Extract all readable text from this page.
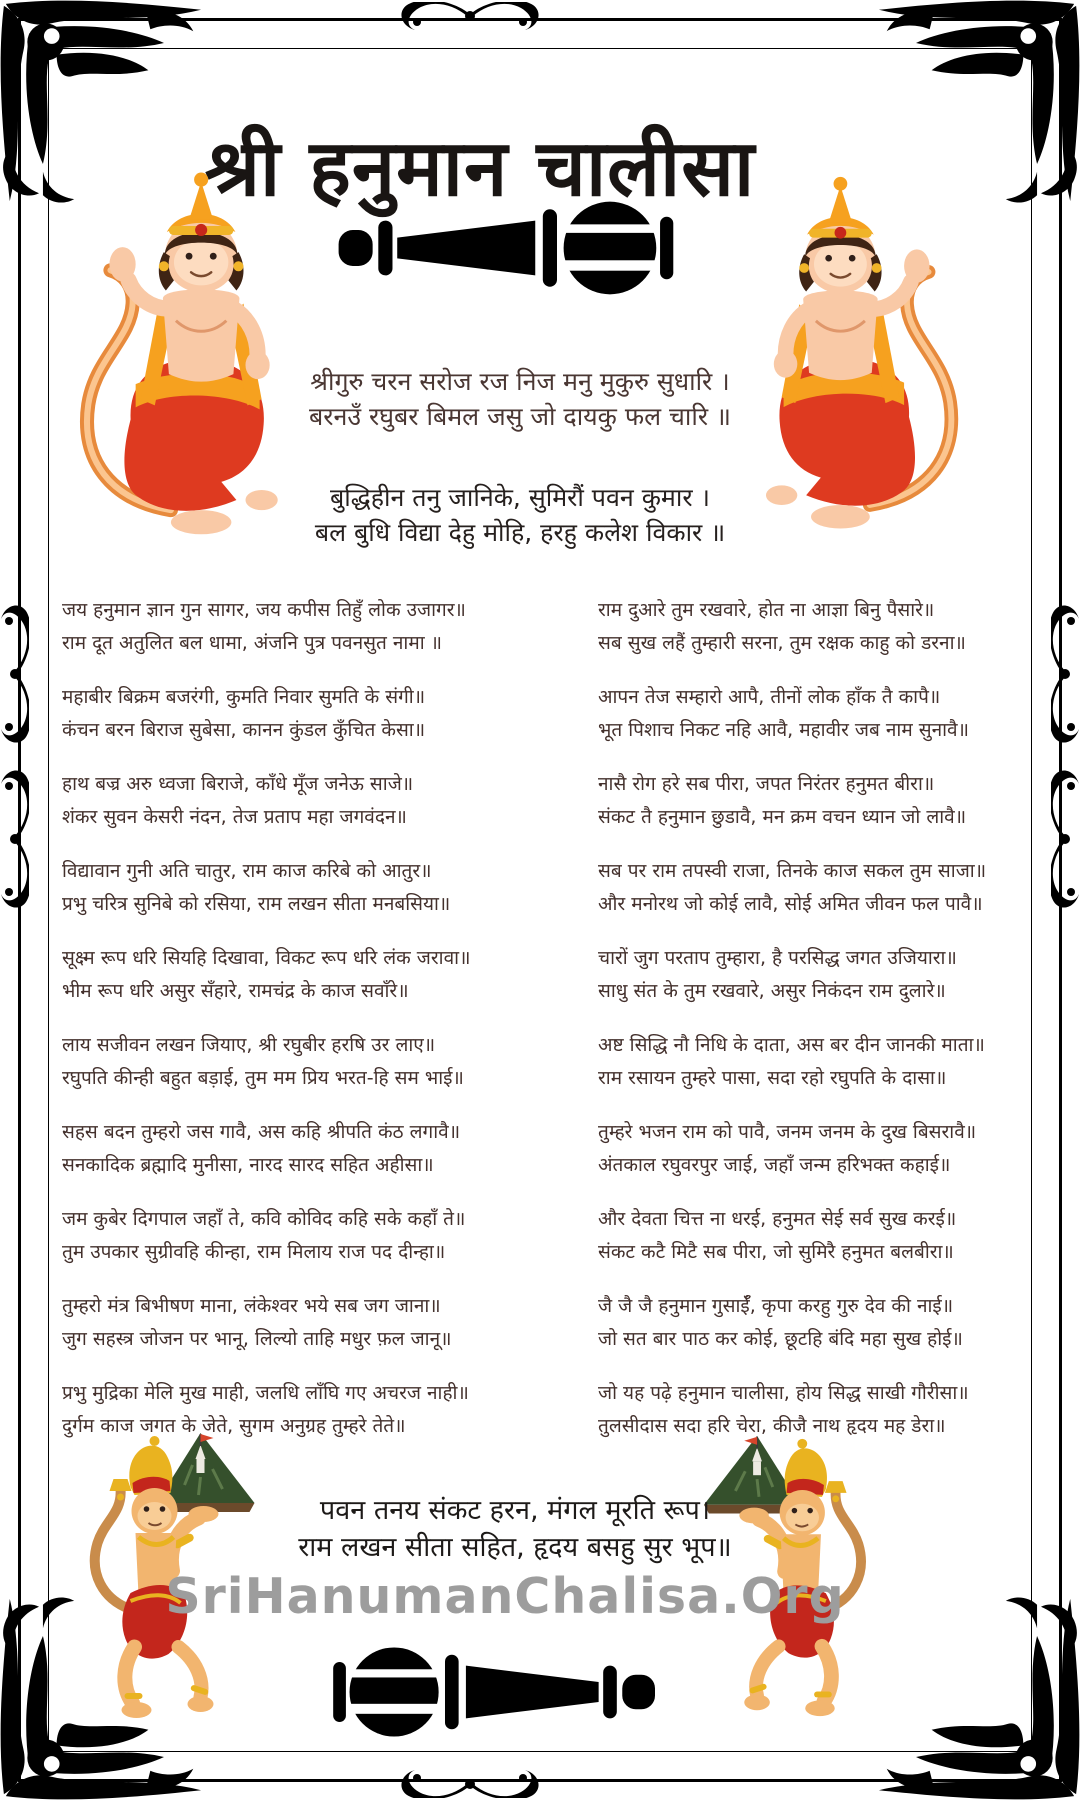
श्री हनुमान चालीसा

श्रीगुरु चरन सरोज रज निज मनु मुकुरु सुधारि ।

बरनउँ रघुबर बिमल जसु जो दायकु फल चारि ॥

बुद्धिहीन तनु जानिके, सुमिरौं पवन कुमार ।

बल बुधि विद्या देहु मोहि, हरहु कलेश विकार ॥

जय हनुमान ज्ञान गुन सागर, जय कपीस तिहुँ लोक उजागर॥

राम दूत अतुलित बल धामा, अंजनि पुत्र पवनसुत नामा ॥

महाबीर बिक्रम बजरंगी, कुमति निवार सुमति के संगी॥

कंचन बरन बिराज सुबेसा, कानन कुंडल कुँचित केसा॥

हाथ बज्र अरु ध्वजा बिराजे, काँधे मूँज जनेऊ साजे॥

शंकर सुवन केसरी नंदन, तेज प्रताप महा जगवंदन॥

विद्यावान गुनी अति चातुर, राम काज करिबे को आतुर॥

प्रभु चरित्र सुनिबे को रसिया, राम लखन सीता मनबसिया॥

सूक्ष्म रूप धरि सियहि दिखावा, विकट रूप धरि लंक जरावा॥

भीम रूप धरि असुर सँहारे, रामचंद्र के काज सवाँरे॥

लाय सजीवन लखन जियाए, श्री रघुबीर हरषि उर लाए॥

रघुपति कीन्ही बहुत बड़ाई, तुम मम प्रिय भरत-हि सम भाई॥

सहस बदन तुम्हरो जस गावै, अस कहि श्रीपति कंठ लगावै॥

सनकादिक ब्रह्मादि मुनीसा, नारद सारद सहित अहीसा॥

जम कुबेर दिगपाल जहाँ ते, कवि कोविद कहि सके कहाँ ते॥

तुम उपकार सुग्रीवहि कीन्हा, राम मिलाय राज पद दीन्हा॥

तुम्हरो मंत्र बिभीषण माना, लंकेश्वर भये सब जग जाना॥

जुग सहस्त्र जोजन पर भानू, लिल्यो ताहि मधुर फ़ल जानू॥

प्रभु मुद्रिका मेलि मुख माही, जलधि लाँघि गए अचरज नाही॥

दुर्गम काज जगत के जेते, सुगम अनुग्रह तुम्हरे तेते॥

राम दुआरे तुम रखवारे, होत ना आज्ञा बिनु पैसारे॥

सब सुख लहैं तुम्हारी सरना, तुम रक्षक काहु को डरना॥

आपन तेज सम्हारो आपै, तीनों लोक हाँक तै कापै॥

भूत पिशाच निकट नहि आवै, महावीर जब नाम सुनावै॥

नासै रोग हरे सब पीरा, जपत निरंतर हनुमत बीरा॥

संकट तै हनुमान छुडावै, मन क्रम वचन ध्यान जो लावै॥

सब पर राम तपस्वी राजा, तिनके काज सकल तुम साजा॥

और मनोरथ जो कोई लावै, सोई अमित जीवन फल पावै॥

चारों जुग परताप तुम्हारा, है परसिद्ध जगत उजियारा॥

साधु संत के तुम रखवारे, असुर निकंदन राम दुलारे॥

अष्ट सिद्धि नौ निधि के दाता, अस बर दीन जानकी माता॥

राम रसायन तुम्हरे पासा, सदा रहो रघुपति के दासा॥

तुम्हरे भजन राम को पावै, जनम जनम के दुख बिसरावै॥

अंतकाल रघुवरपुर जाई, जहाँ जन्म हरिभक्त कहाई॥

और देवता चित्त ना धरई, हनुमत सेई सर्व सुख करई॥

संकट कटै मिटै सब पीरा, जो सुमिरै हनुमत बलबीरा॥

जै जै जै हनुमान गुसाईँ, कृपा करहु गुरु देव की नाई॥

जो सत बार पाठ कर कोई, छूटहि बंदि महा सुख होई॥

जो यह पढ़े हनुमान चालीसा, होय सिद्ध साखी गौरीसा॥

तुलसीदास सदा हरि चेरा, कीजै नाथ हृदय मह डेरा॥

पवन तनय संकट हरन, मंगल मूरति रूप।

राम लखन सीता सहित, हृदय बसहु सुर भूप॥

SriHanumanChalisa.Org
